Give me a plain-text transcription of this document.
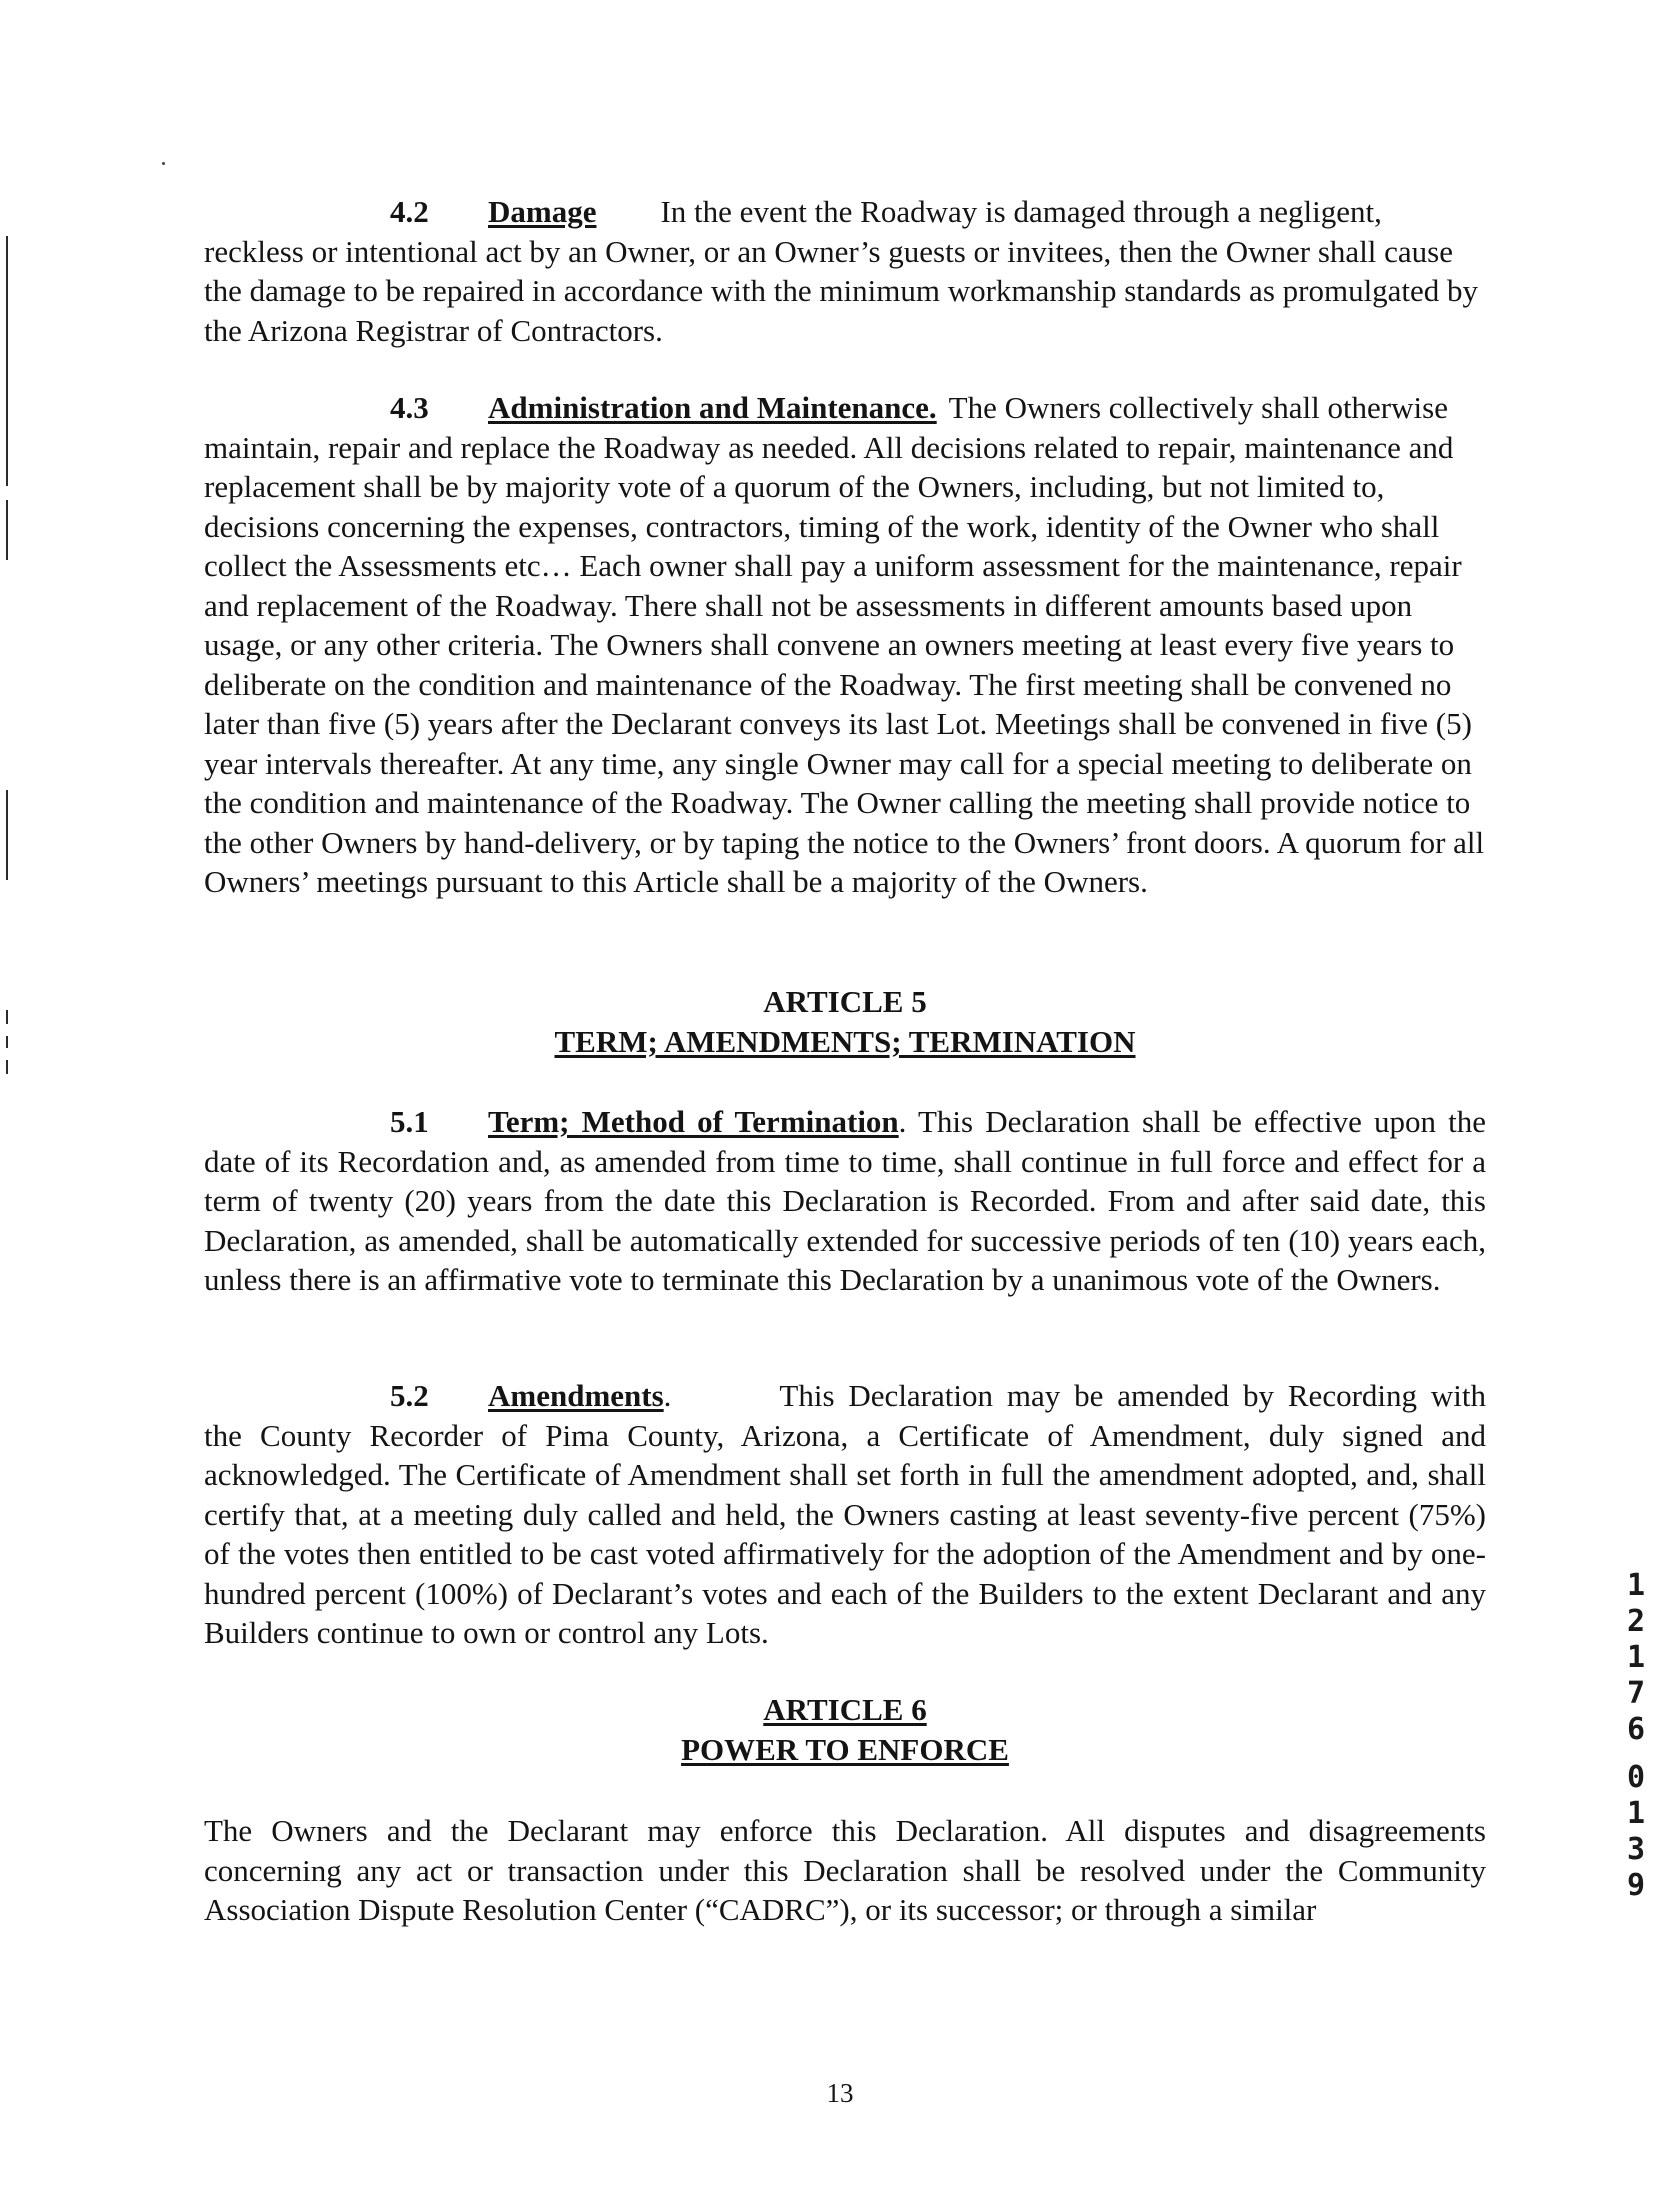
4.2 Damage In the event the Roadway is damaged through a negligent, reckless or intentional act by an Owner, or an Owner’s guests or invitees, then the Owner shall cause the damage to be repaired in accordance with the minimum workmanship standards as promulgated by the Arizona Registrar of Contractors.

4.3 Administration and Maintenance. The Owners collectively shall otherwise maintain, repair and replace the Roadway as needed. All decisions related to repair, maintenance and replacement shall be by majority vote of a quorum of the Owners, including, but not limited to, decisions concerning the expenses, contractors, timing of the work, identity of the Owner who shall collect the Assessments etc… Each owner shall pay a uniform assessment for the maintenance, repair and replacement of the Roadway. There shall not be assessments in different amounts based upon usage, or any other criteria. The Owners shall convene an owners meeting at least every five years to deliberate on the condition and maintenance of the Roadway. The first meeting shall be convened no later than five (5) years after the Declarant conveys its last Lot. Meetings shall be convened in five (5) year intervals thereafter. At any time, any single Owner may call for a special meeting to deliberate on the condition and maintenance of the Roadway. The Owner calling the meeting shall provide notice to the other Owners by hand-delivery, or by taping the notice to the Owners’ front doors. A quorum for all Owners’ meetings pursuant to this Article shall be a majority of the Owners.

ARTICLE 5
TERM; AMENDMENTS; TERMINATION

5.1 Term; Method of Termination. This Declaration shall be effective upon the date of its Recordation and, as amended from time to time, shall continue in full force and effect for a term of twenty (20) years from the date this Declaration is Recorded. From and after said date, this Declaration, as amended, shall be automatically extended for successive periods of ten (10) years each, unless there is an affirmative vote to terminate this Declaration by a unanimous vote of the Owners.

5.2 Amendments.	This Declaration may be amended by Recording with the County Recorder of Pima County, Arizona, a Certificate of Amendment, duly signed and acknowledged. The Certificate of Amendment shall set forth in full the amendment adopted, and, shall certify that, at a meeting duly called and held, the Owners casting at least seventy-five percent (75%) of the votes then entitled to be cast voted affirmatively for the adoption of the Amendment and by one-hundred percent (100%) of Declarant’s votes and each of the Builders to the extent Declarant and any Builders continue to own or control any Lots.

ARTICLE 6
POWER TO ENFORCE

The Owners and the Declarant may enforce this Declaration. All disputes and disagreements concerning any act or transaction under this Declaration shall be resolved under the Community Association Dispute Resolution Center (“CADRC”), or its successor; or through a similar

13
1
2
1
7
6
0
1
3
9
